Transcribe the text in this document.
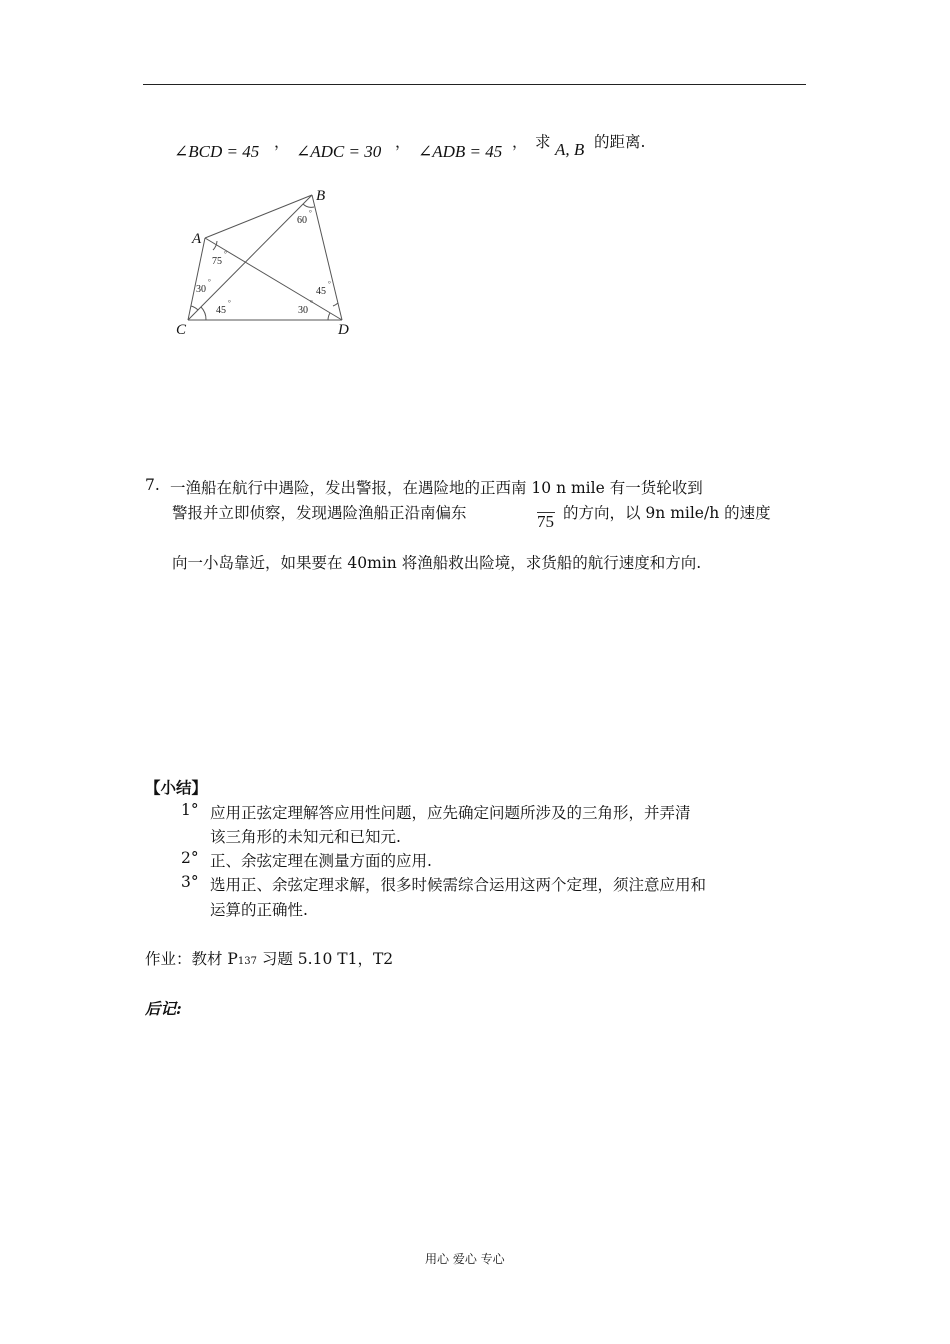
∠BCD = 45 ， ∠ADC = 30 ， ∠ADB = 45 ， 求 A, B 的距离.
B
A
C	D
60
°
75
°
30
°
45
°
45
°
30
°
7. 一渔船在航行中遇险，发出警报，在遇险地的正西南 10 n mile 有一货轮收到
警报并立即侦察，发现遇险渔船正沿南偏东	75 的方向，以 9n mile/h 的速度
向一小岛靠近，如果要在 40min 将渔船救出险境，求货船的航行速度和方向.
【小结】
1° 应用正弦定理解答应用性问题，应先确定问题所涉及的三角形，并弄清
该三角形的未知元和已知元.
2° 正、余弦定理在测量方面的应用.
3° 选用正、余弦定理求解，很多时候需综合运用这两个定理，须注意应用和
运算的正确性.
作业：教材 P137 习题 5.10 T1，T2
后记:
用心 爱心 专心
